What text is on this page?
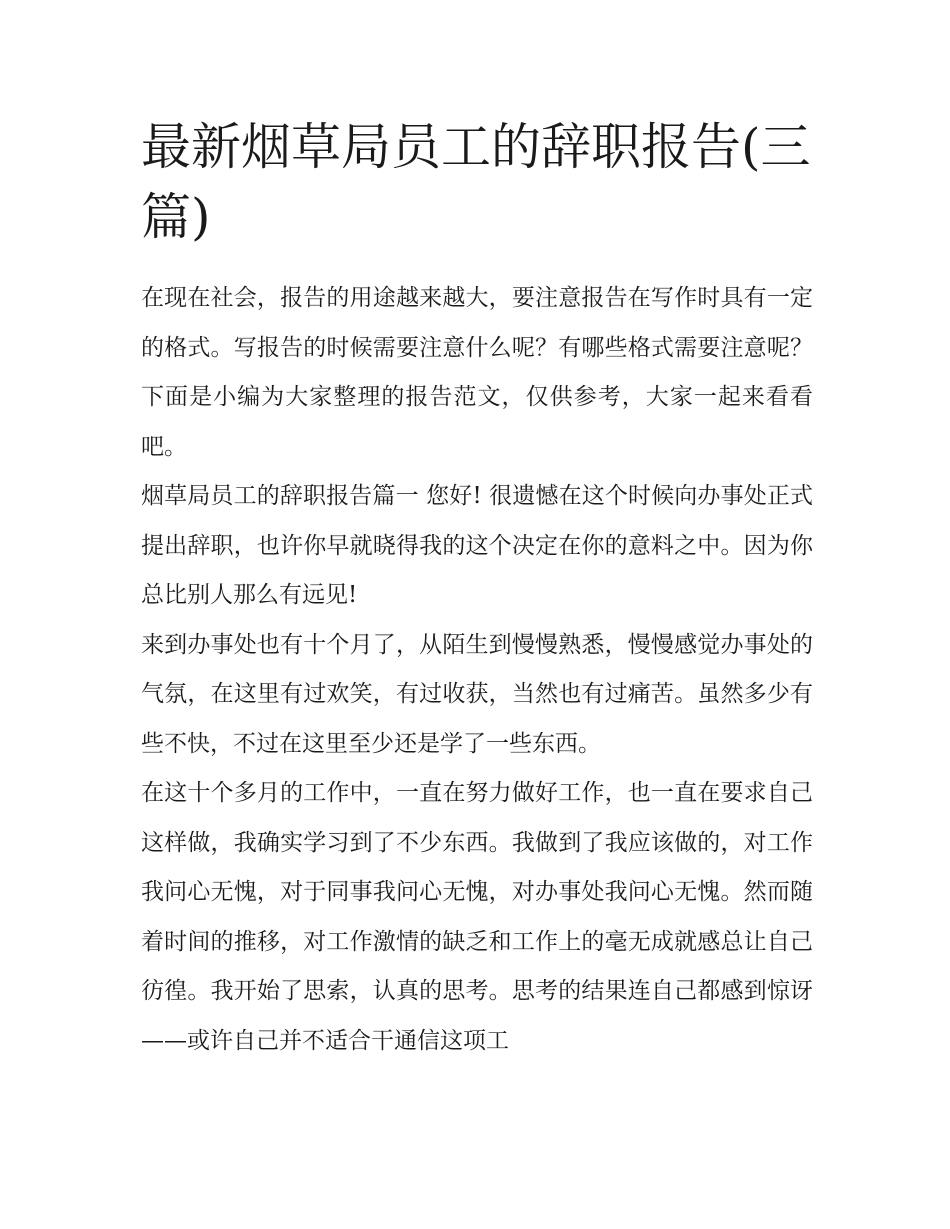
最新烟草局员工的辞职报告(三篇)

在现在社会，报告的用途越来越大，要注意报告在写作时具有一定的格式。写报告的时候需要注意什么呢？有哪些格式需要注意呢？下面是小编为大家整理的报告范文，仅供参考，大家一起来看看吧。

烟草局员工的辞职报告篇一 您好! 很遗憾在这个时候向办事处正式提出辞职，也许你早就晓得我的这个决定在你的意料之中。因为你总比别人那么有远见!

来到办事处也有十个月了，从陌生到慢慢熟悉，慢慢感觉办事处的气氛，在这里有过欢笑，有过收获，当然也有过痛苦。虽然多少有些不快，不过在这里至少还是学了一些东西。

在这十个多月的工作中，一直在努力做好工作，也一直在要求自己这样做，我确实学习到了不少东西。我做到了我应该做的，对工作我问心无愧，对于同事我问心无愧，对办事处我问心无愧。然而随着时间的推移，对工作激情的缺乏和工作上的毫无成就感总让自己彷徨。我开始了思索，认真的思考。思考的结果连自己都感到惊讶——或许自己并不适合干通信这项工
